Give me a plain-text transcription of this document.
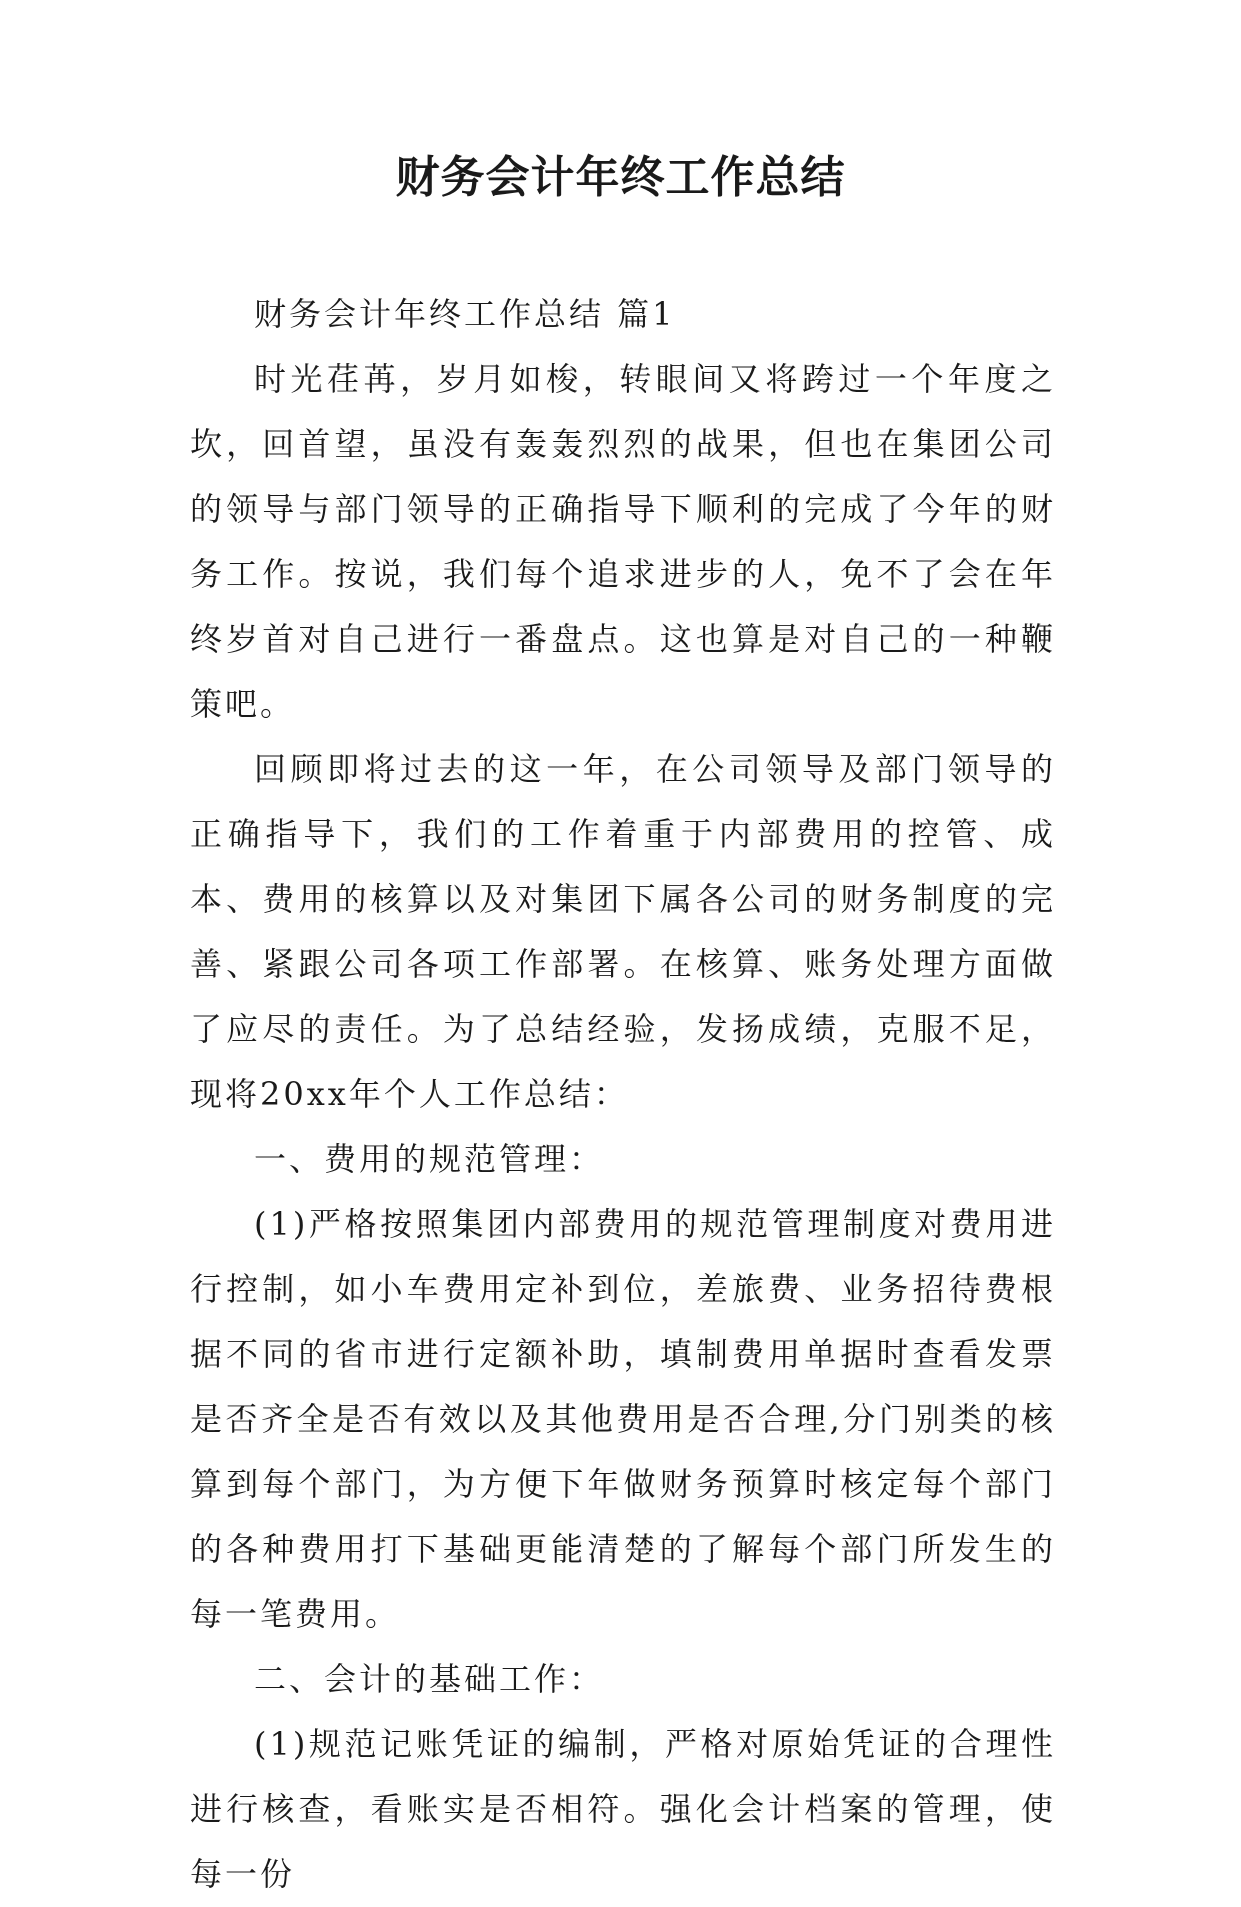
财务会计年终工作总结

财务会计年终工作总结 篇1

时光荏苒，岁月如梭，转眼间又将跨过一个年度之坎，回首望，虽没有轰轰烈烈的战果，但也在集团公司的领导与部门领导的正确指导下顺利的完成了今年的财务工作。按说，我们每个追求进步的人，免不了会在年终岁首对自己进行一番盘点。这也算是对自己的一种鞭策吧。

回顾即将过去的这一年，在公司领导及部门领导的正确指导下，我们的工作着重于内部费用的控管、成本、费用的核算以及对集团下属各公司的财务制度的完善、紧跟公司各项工作部署。在核算、账务处理方面做了应尽的责任。为了总结经验，发扬成绩，克服不足，现将20xx年个人工作总结：

一、费用的规范管理：

(1)严格按照集团内部费用的规范管理制度对费用进行控制，如小车费用定补到位，差旅费、业务招待费根据不同的省市进行定额补助，填制费用单据时查看发票是否齐全是否有效以及其他费用是否合理,分门别类的核算到每个部门，为方便下年做财务预算时核定每个部门的各种费用打下基础更能清楚的了解每个部门所发生的每一笔费用。

二、会计的基础工作：

(1)规范记账凭证的编制，严格对原始凭证的合理性进行核查，看账实是否相符。强化会计档案的管理，使每一份
